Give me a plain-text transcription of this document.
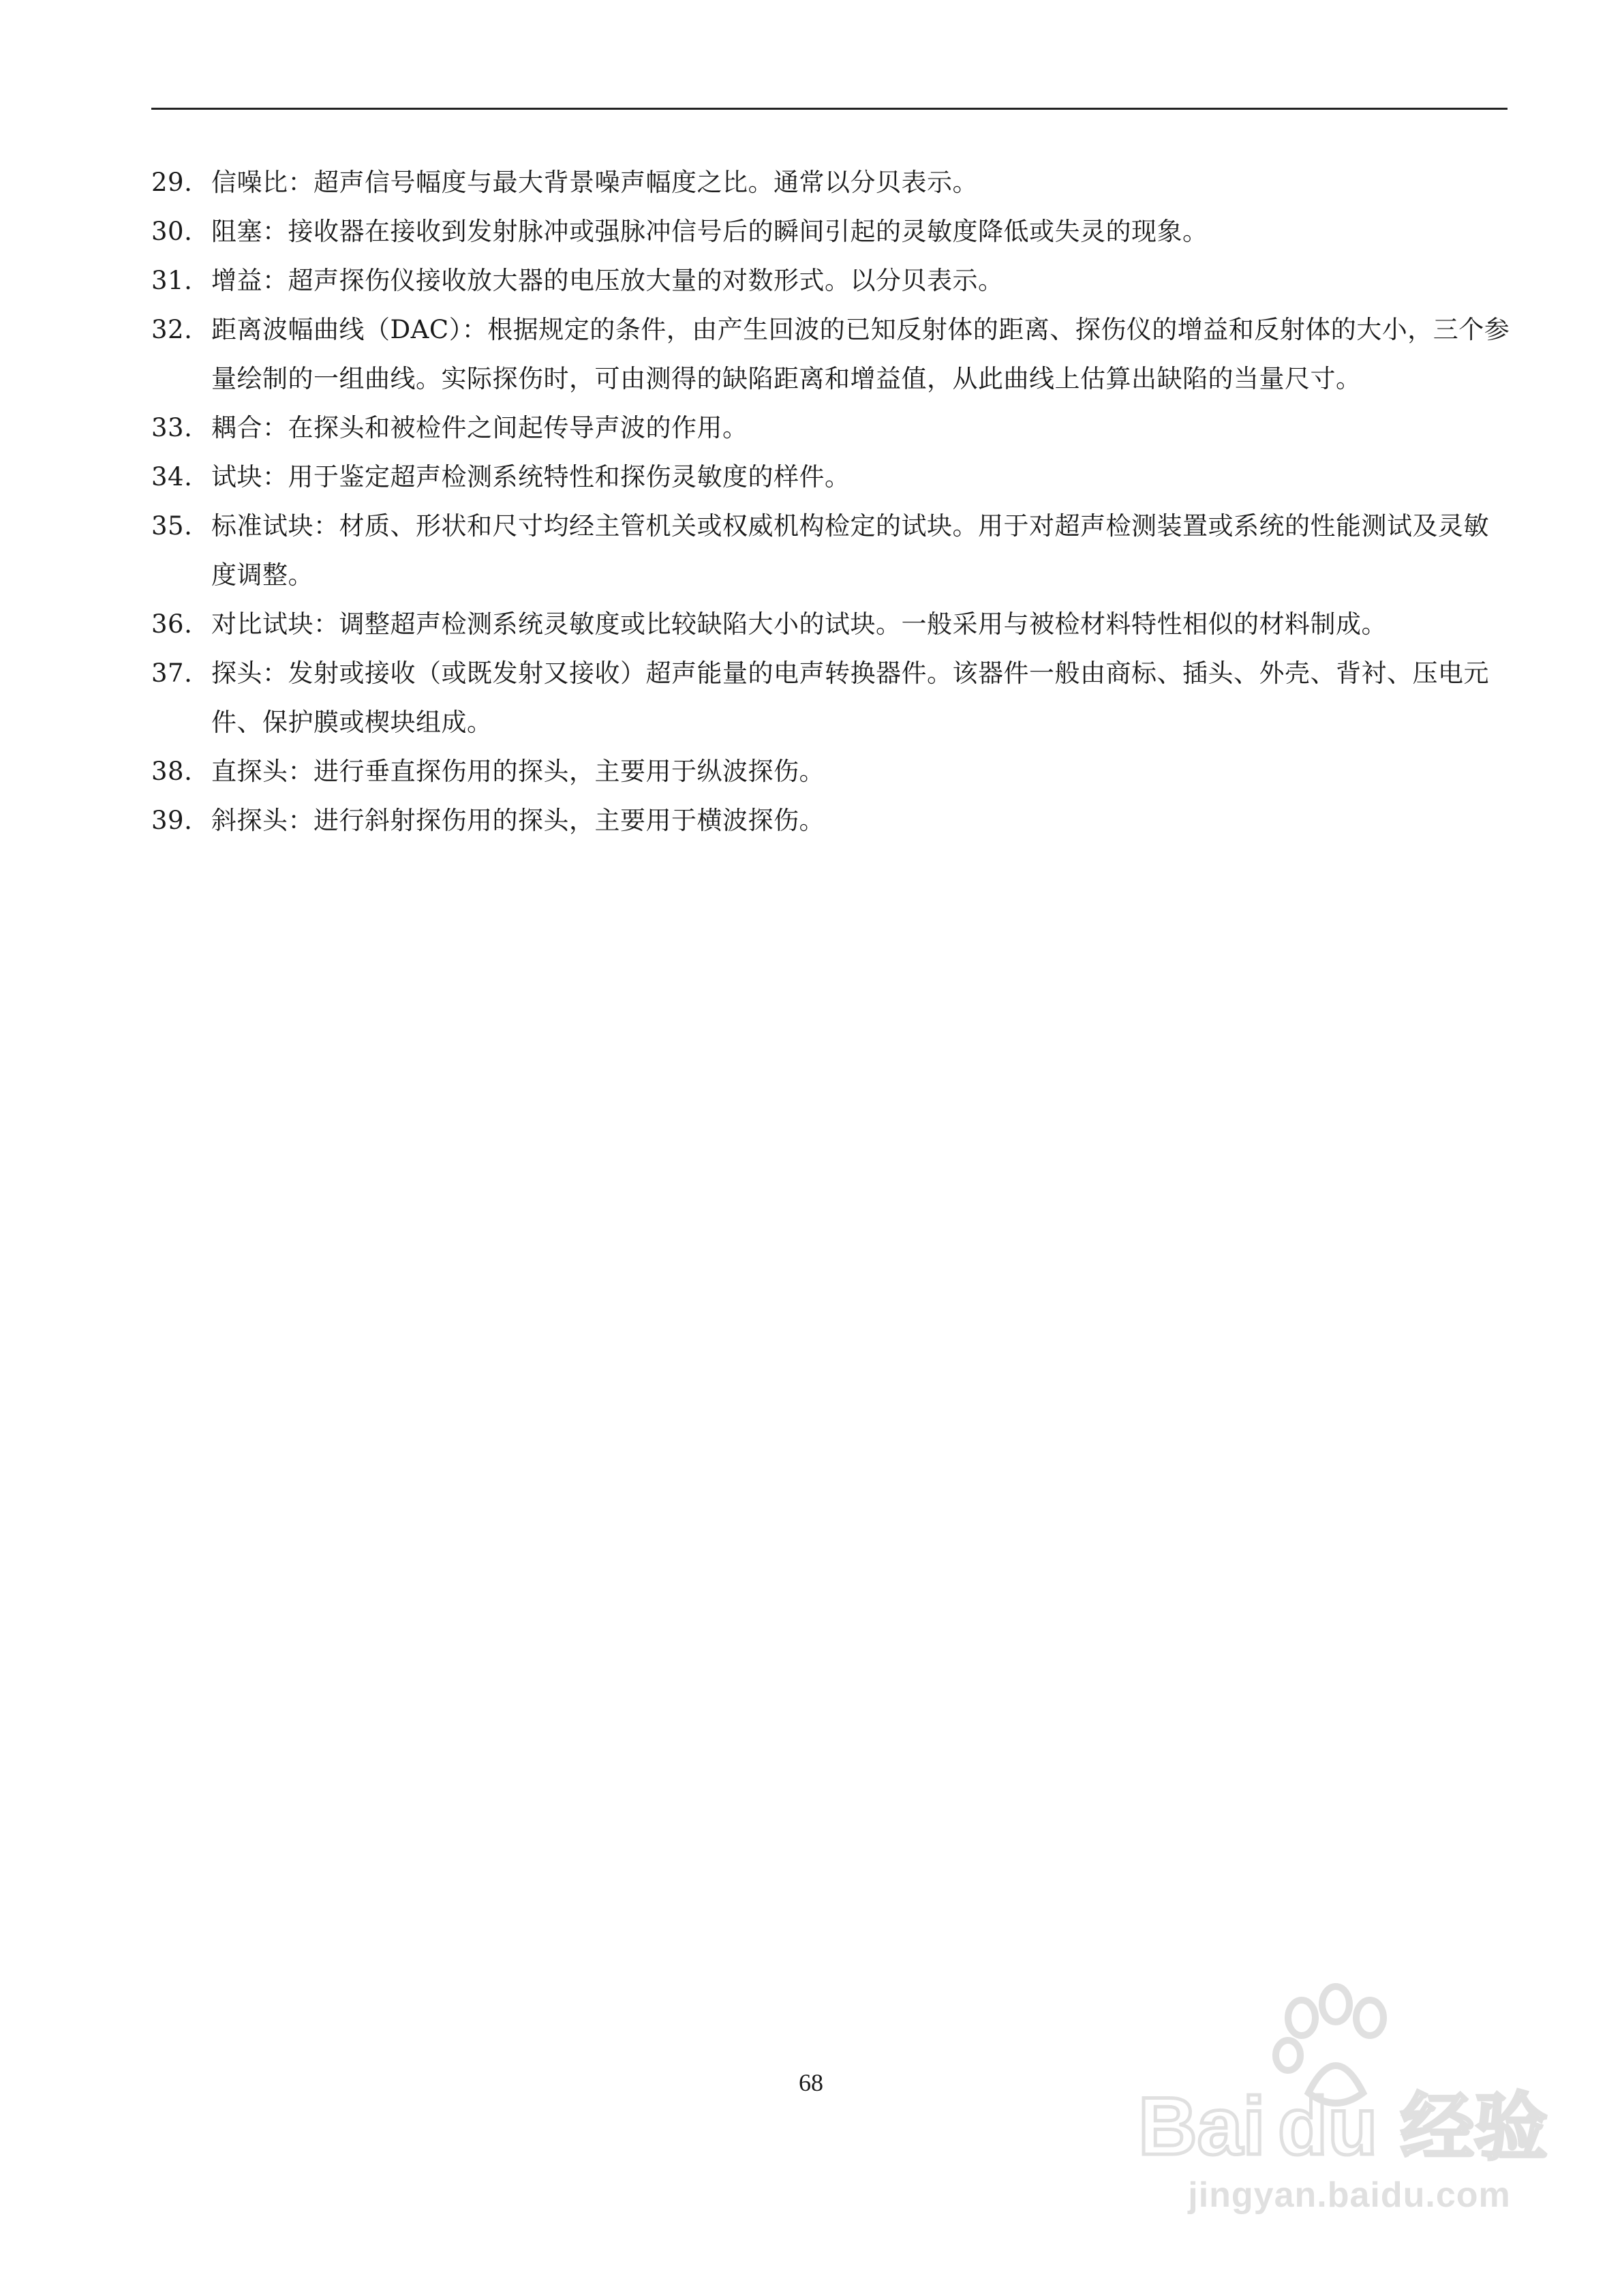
29. 信噪比：超声信号幅度与最大背景噪声幅度之比。通常以分贝表示。
30. 阻塞：接收器在接收到发射脉冲或强脉冲信号后的瞬间引起的灵敏度降低或失灵的现象。
31. 增益：超声探伤仪接收放大器的电压放大量的对数形式。以分贝表示。
32. 距离波幅曲线（DAC）：根据规定的条件，由产生回波的已知反射体的距离、探伤仪的增益和反射体的大小，三个参量绘制的一组曲线。实际探伤时，可由测得的缺陷距离和增益值，从此曲线上估算出缺陷的当量尺寸。
33. 耦合：在探头和被检件之间起传导声波的作用。
34. 试块：用于鉴定超声检测系统特性和探伤灵敏度的样件。
35. 标准试块：材质、形状和尺寸均经主管机关或权威机构检定的试块。用于对超声检测装置或系统的性能测试及灵敏度调整。
36. 对比试块：调整超声检测系统灵敏度或比较缺陷大小的试块。一般采用与被检材料特性相似的材料制成。
37. 探头：发射或接收（或既发射又接收）超声能量的电声转换器件。该器件一般由商标、插头、外壳、背衬、压电元件、保护膜或楔块组成。
38. 直探头：进行垂直探伤用的探头，主要用于纵波探伤。
39. 斜探头：进行斜射探伤用的探头，主要用于横波探伤。
68	Bai du 经验
jingyan.baidu.com
